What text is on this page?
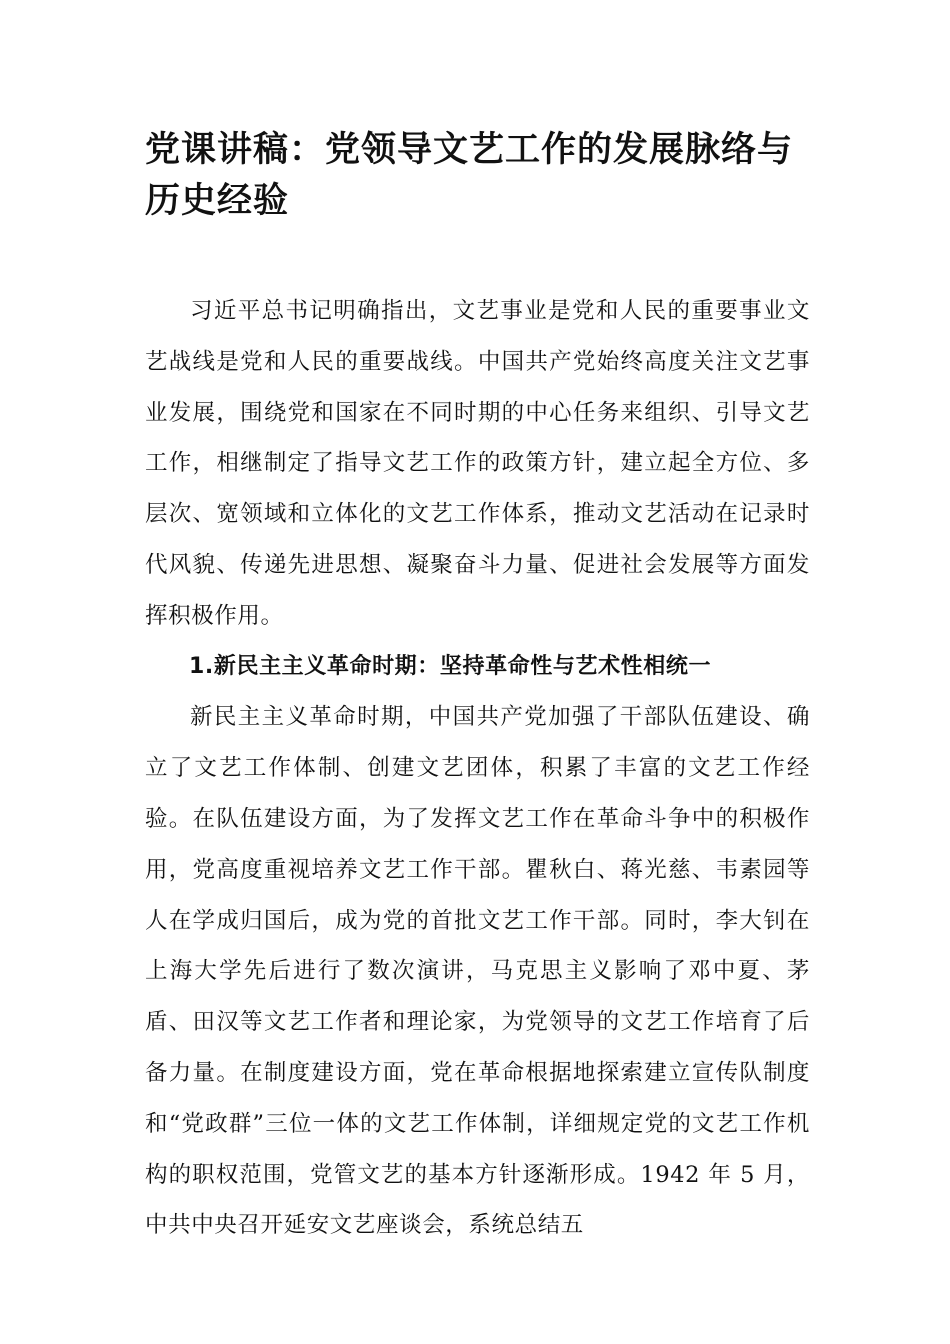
党课讲稿：党领导文艺工作的发展脉络与历史经验

习近平总书记明确指出，文艺事业是党和人民的重要事业文艺战线是党和人民的重要战线。中国共产党始终高度关注文艺事业发展，围绕党和国家在不同时期的中心任务来组织、引导文艺工作，相继制定了指导文艺工作的政策方针，建立起全方位、多层次、宽领域和立体化的文艺工作体系，推动文艺活动在记录时代风貌、传递先进思想、凝聚奋斗力量、促进社会发展等方面发挥积极作用。

1.新民主主义革命时期：坚持革命性与艺术性相统一

新民主主义革命时期，中国共产党加强了干部队伍建设、确立了文艺工作体制、创建文艺团体，积累了丰富的文艺工作经验。在队伍建设方面，为了发挥文艺工作在革命斗争中的积极作用，党高度重视培养文艺工作干部。瞿秋白、蒋光慈、韦素园等人在学成归国后，成为党的首批文艺工作干部。同时，李大钊在上海大学先后进行了数次演讲，马克思主义影响了邓中夏、茅盾、田汉等文艺工作者和理论家，为党领导的文艺工作培育了后备力量。在制度建设方面，党在革命根据地探索建立宣传队制度和“党政群”三位一体的文艺工作体制，详细规定党的文艺工作机构的职权范围，党管文艺的基本方针逐渐形成。1942 年 5 月，中共中央召开延安文艺座谈会，系统总结五
